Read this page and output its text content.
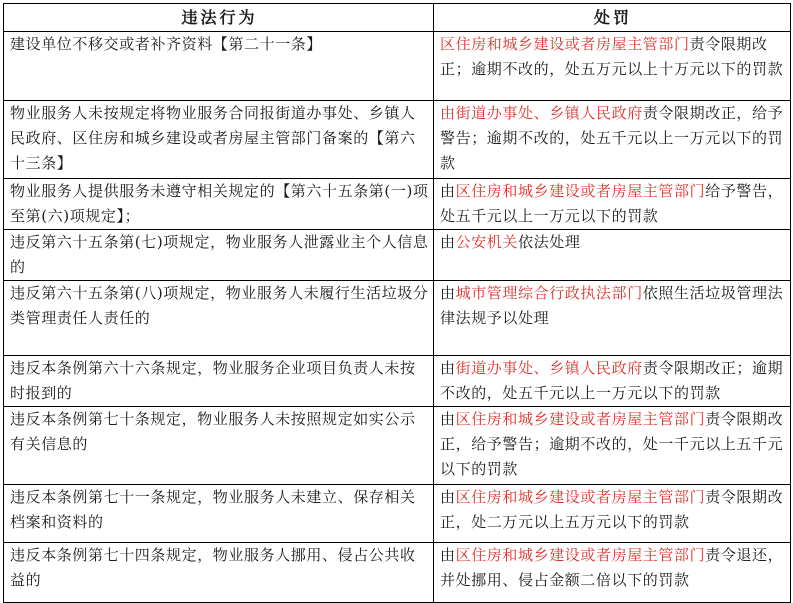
违法行为	处罚
建设单位不移交或者补齐资料【第二十一条】	区住房和城乡建设或者房屋主管部门责令限期改正；逾期不改的，处五万元以上十万元以下的罚款
物业服务人未按规定将物业服务合同报街道办事处、乡镇人民政府、区住房和城乡建设或者房屋主管部门备案的【第六十三条】	由街道办事处、乡镇人民政府责令限期改正，给予警告；逾期不改的，处五千元以上一万元以下的罚款
物业服务人提供服务未遵守相关规定的【第六十五条第(一)项至第(六)项规定】；	由区住房和城乡建设或者房屋主管部门给予警告，处五千元以上一万元以下的罚款
违反第六十五条第(七)项规定，物业服务人泄露业主个人信息的	由公安机关依法处理
违反第六十五条第(八)项规定，物业服务人未履行生活垃圾分类管理责任人责任的	由城市管理综合行政执法部门依照生活垃圾管理法律法规予以处理
违反本条例第六十六条规定，物业服务企业项目负责人未按时报到的	由街道办事处、乡镇人民政府责令限期改正；逾期不改的，处五千元以上一万元以下的罚款
违反本条例第七十条规定，物业服务人未按照规定如实公示有关信息的	由区住房和城乡建设或者房屋主管部门责令限期改正，给予警告；逾期不改的，处一千元以上五千元以下的罚款
违反本条例第七十一条规定，物业服务人未建立、保存相关档案和资料的	由区住房和城乡建设或者房屋主管部门责令限期改正，处二万元以上五万元以下的罚款
违反本条例第七十四条规定，物业服务人挪用、侵占公共收益的	由区住房和城乡建设或者房屋主管部门责令退还，并处挪用、侵占金额二倍以下的罚款
